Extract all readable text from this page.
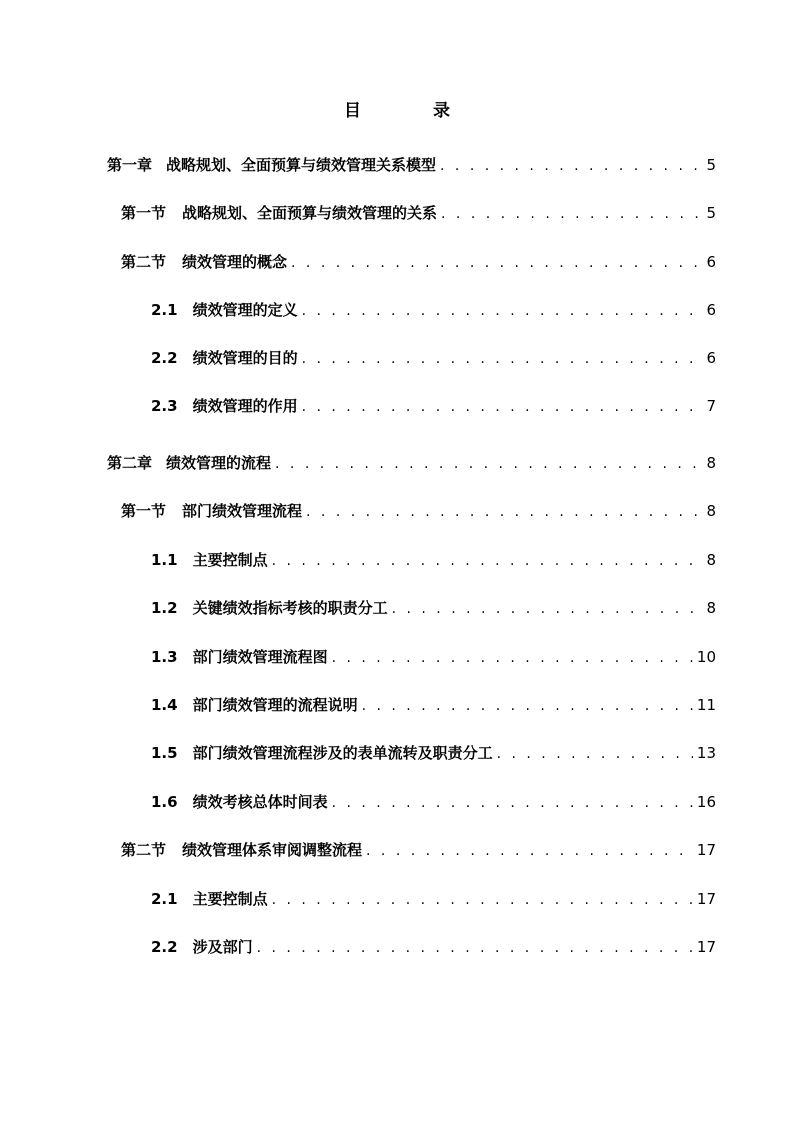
目	录
第一章 战略规划、全面预算与绩效管理关系模型 . . .	5
第一节 战略规划、全面预算与绩效管理的关系 . . .	5
第二节 绩效管理的概念 . . .	6
2.1 绩效管理的定义 . . .	6
2.2 绩效管理的目的 . . .	6
2.3 绩效管理的作用 . . .	7
第二章 绩效管理的流程 . . .	8
第一节 部门绩效管理流程 . . .	8
1.1 主要控制点 . . .	8
1.2 关键绩效指标考核的职责分工 . . .	8
1.3 部门绩效管理流程图 . . .	10
1.4 部门绩效管理的流程说明 . . .	11
1.5 部门绩效管理流程涉及的表单流转及职责分工 . . .	13
1.6 绩效考核总体时间表 . . .	16
第二节 绩效管理体系审阅调整流程 . . .	17
2.1 主要控制点 . . .	17
2.2 涉及部门 . . .	17
